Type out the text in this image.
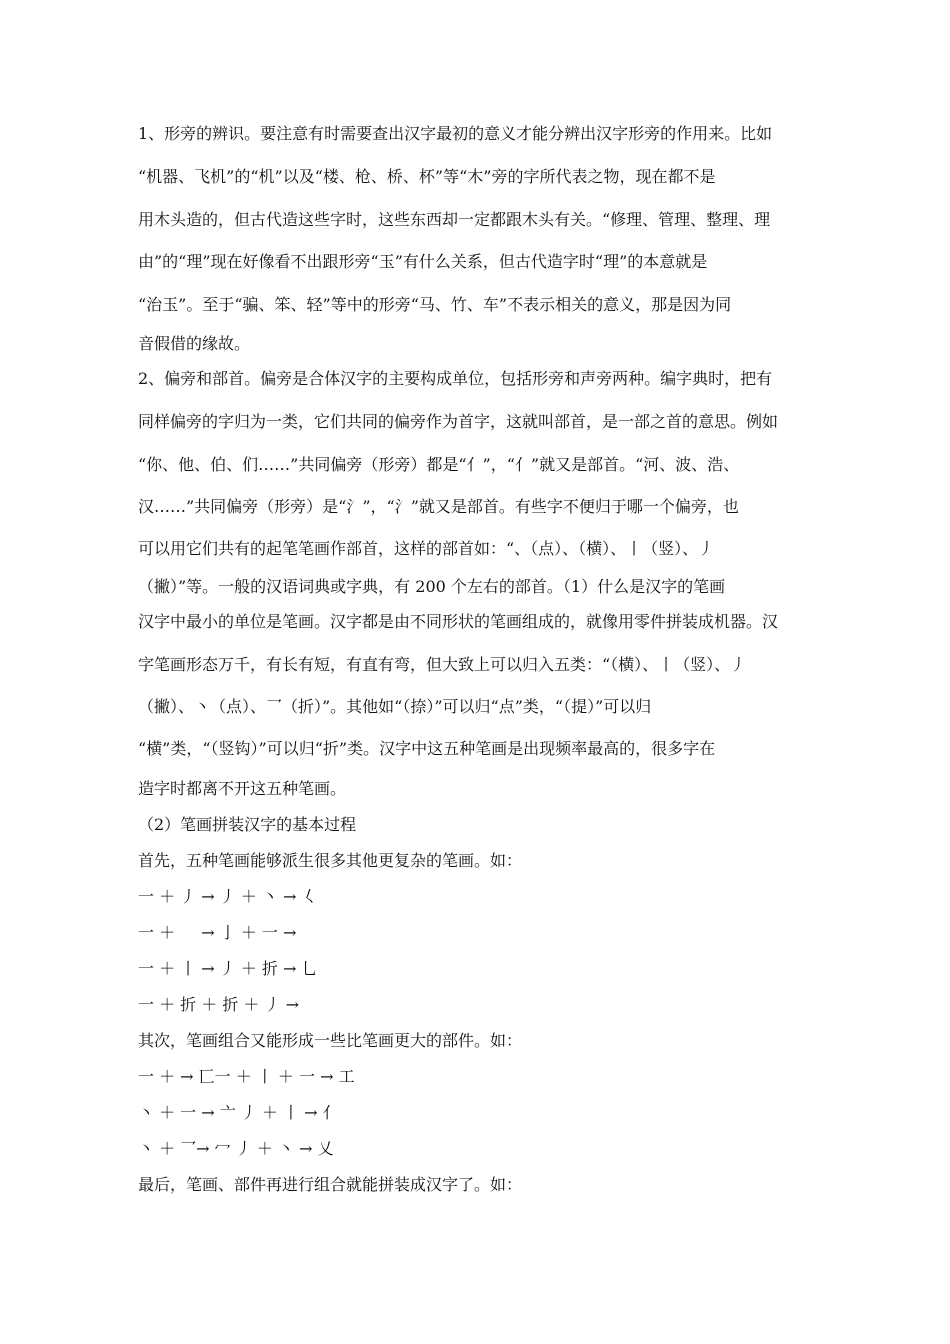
1、形旁的辨识。要注意有时需要查出汉字最初的意义才能分辨出汉字形旁的作用来。比如
“机器、飞机”的“机”以及“楼、枪、桥、杯”等“木”旁的字所代表之物，现在都不是
用木头造的，但古代造这些字时，这些东西却一定都跟木头有关。“修理、管理、整理、理
由”的“理”现在好像看不出跟形旁“玉”有什么关系，但古代造字时“理”的本意就是
“治玉”。至于“骗、笨、轻”等中的形旁“马、竹、车”不表示相关的意义，那是因为同
音假借的缘故。
2、偏旁和部首。偏旁是合体汉字的主要构成单位，包括形旁和声旁两种。编字典时，把有
同样偏旁的字归为一类，它们共同的偏旁作为首字，这就叫部首，是一部之首的意思。例如
“你、他、伯、们……”共同偏旁（形旁）都是“亻”，“亻”就又是部首。“河、波、浩、
汉……”共同偏旁（形旁）是“氵”，“氵”就又是部首。有些字不便归于哪一个偏旁，也
可以用它们共有的起笔笔画作部首，这样的部首如：“、（点）、（横）、丨（竖）、丿
（撇）”等。一般的汉语词典或字典，有 200 个左右的部首。（1）什么是汉字的笔画
汉字中最小的单位是笔画。汉字都是由不同形状的笔画组成的，就像用零件拼装成机器。汉
字笔画形态万千，有长有短，有直有弯，但大致上可以归入五类：“（横）、丨（竖）、丿
（撇）、丶（点）、乛（折）”。其他如“（捺）”可以归“点”类，“（提）”可以归
“横”类，“（竖钩）”可以归“折”类。汉字中这五种笔画是出现频率最高的，很多字在
造字时都离不开这五种笔画。
（2）笔画拼装汉字的基本过程
首先，五种笔画能够派生很多其他更复杂的笔画。如：
一 ＋ 丿 → 丿 ＋ 丶 → 𡿨
一 ＋ 　 → 亅 ＋ 一 →
一 ＋ 丨 → 丿 ＋ 折 → 乚
一 ＋ 折 ＋ 折 ＋ 丿 →
其次，笔画组合又能形成一些比笔画更大的部件。如：
一 ＋ → 匸一 ＋ 丨 ＋ 一 → 工
丶 ＋ 一 → 亠 丿 ＋ 丨 → 亻
丶 ＋ 乛→ 冖 丿 ＋ 丶 → 乂
最后，笔画、部件再进行组合就能拼装成汉字了。如：
